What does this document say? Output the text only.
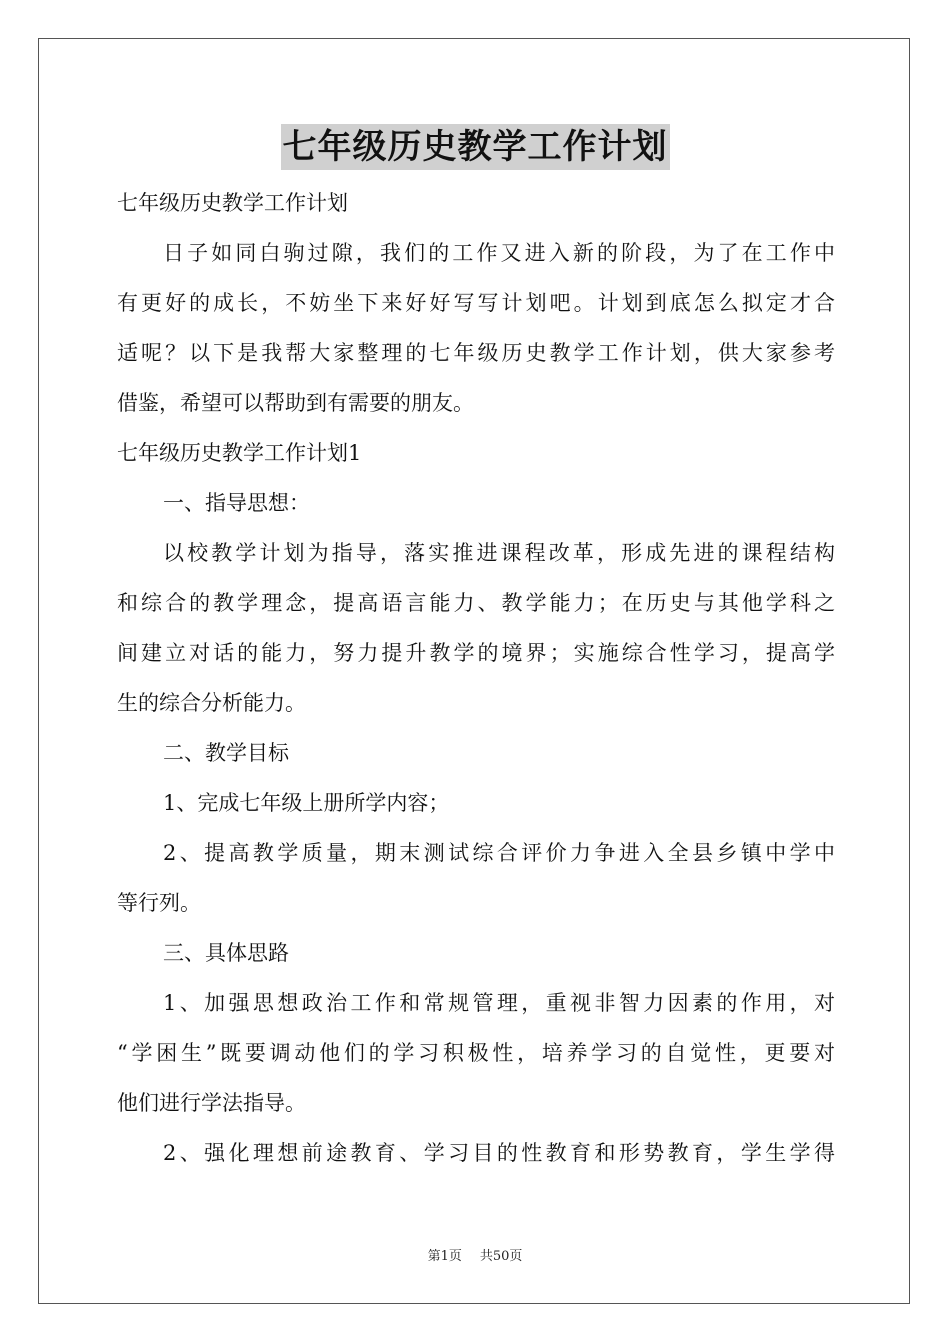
七年级历史教学工作计划
七年级历史教学工作计划
日子如同白驹过隙，我们的工作又进入新的阶段，为了在工作中
有更好的成长，不妨坐下来好好写写计划吧。计划到底怎么拟定才合
适呢？以下是我帮大家整理的七年级历史教学工作计划，供大家参考
借鉴，希望可以帮助到有需要的朋友。
七年级历史教学工作计划1
一、指导思想：
以校教学计划为指导，落实推进课程改革，形成先进的课程结构
和综合的教学理念，提高语言能力、教学能力；在历史与其他学科之
间建立对话的能力，努力提升教学的境界；实施综合性学习，提高学
生的综合分析能力。
二、教学目标
1、完成七年级上册所学内容；
2、提高教学质量，期末测试综合评价力争进入全县乡镇中学中
等行列。
三、具体思路
1、加强思想政治工作和常规管理，重视非智力因素的作用，对
“学困生”既要调动他们的学习积极性，培养学习的自觉性，更要对
他们进行学法指导。
2、强化理想前途教育、学习目的性教育和形势教育，学生学得
第1页 共50页
